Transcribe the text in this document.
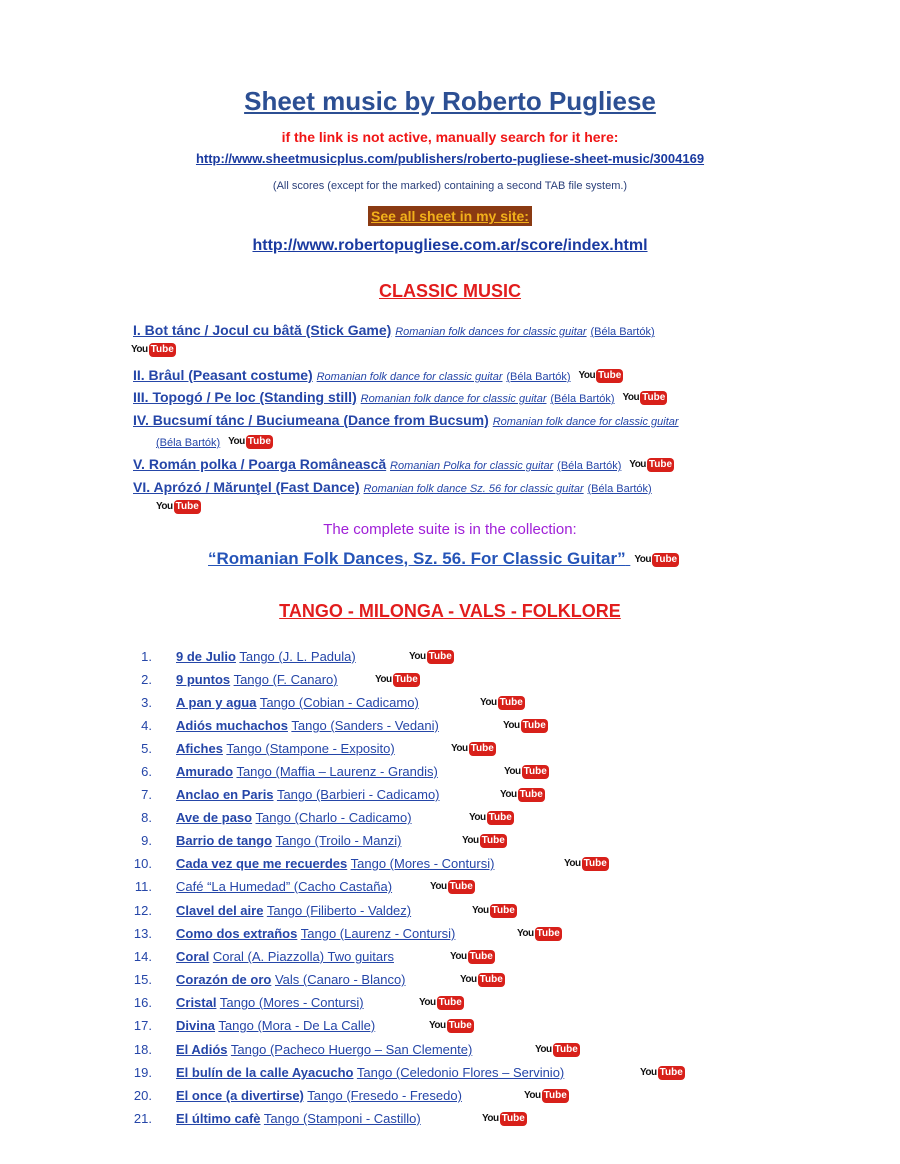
Sheet music by Roberto Pugliese
if the link is not active, manually search for it here:
http://www.sheetmusicplus.com/publishers/roberto-pugliese-sheet-music/3004169
(All scores (except for the marked) containing a second TAB file system.)
See all sheet in my site:
http://www.robertopugliese.com.ar/score/index.html
CLASSIC MUSIC
I. Bot tánc / Jocul cu bâtă (Stick Game) Romanian folk dances for classic guitar (Béla Bartók)
You Tube
II. Brâul (Peasant costume) Romanian folk dance for classic guitar (Béla Bartók) You Tube
III. Topogó / Pe loc (Standing still) Romanian folk dance for classic guitar (Béla Bartók) You Tube
IV. Bucsumí tánc / Buciumeana (Dance from Bucsum) Romanian folk dance for classic guitar
(Béla Bartók) You Tube
V. Román polka / Poarga Românească Romanian Polka for classic guitar (Béla Bartók) You Tube
VI. Aprózó / Mărunţel (Fast Dance) Romanian folk dance Sz. 56 for classic guitar (Béla Bartók)
You Tube
The complete suite is in the collection:
“Romanian Folk Dances, Sz. 56. For Classic Guitar” You Tube
TANGO - MILONGA - VALS - FOLKLORE
1. 9 de Julio Tango (J. L. Padula)	You Tube
2. 9 puntos Tango (F. Canaro)	You Tube
3. A pan y agua Tango (Cobian - Cadicamo)	You Tube
4. Adiós muchachos Tango (Sanders - Vedani)	You Tube
5. Afiches Tango (Stampone - Exposito)	You Tube
6. Amurado Tango (Maffia – Laurenz - Grandis)	You Tube
7. Anclao en Paris Tango (Barbieri - Cadicamo)	You Tube
8. Ave de paso Tango (Charlo - Cadicamo)	You Tube
9. Barrio de tango Tango (Troilo - Manzi)	You Tube
10. Cada vez que me recuerdes Tango (Mores - Contursi)	You Tube
11. Café “La Humedad” (Cacho Castaña)	You Tube
12. Clavel del aire Tango (Filiberto - Valdez)	You Tube
13. Como dos extraños Tango (Laurenz - Contursi)	You Tube
14. Coral Coral (A. Piazzolla) Two guitars	You Tube
15. Corazón de oro Vals (Canaro - Blanco)	You Tube
16. Cristal Tango (Mores - Contursi)	You Tube
17. Divina Tango (Mora - De La Calle)	You Tube
18. El Adiós Tango (Pacheco Huergo – San Clemente)	You Tube
19. El bulín de la calle Ayacucho Tango (Celedonio Flores – Servinio)	You Tube
20. El once (a divertirse) Tango (Fresedo - Fresedo)	You Tube
21. El último cafè Tango (Stamponi - Castillo)	You Tube
